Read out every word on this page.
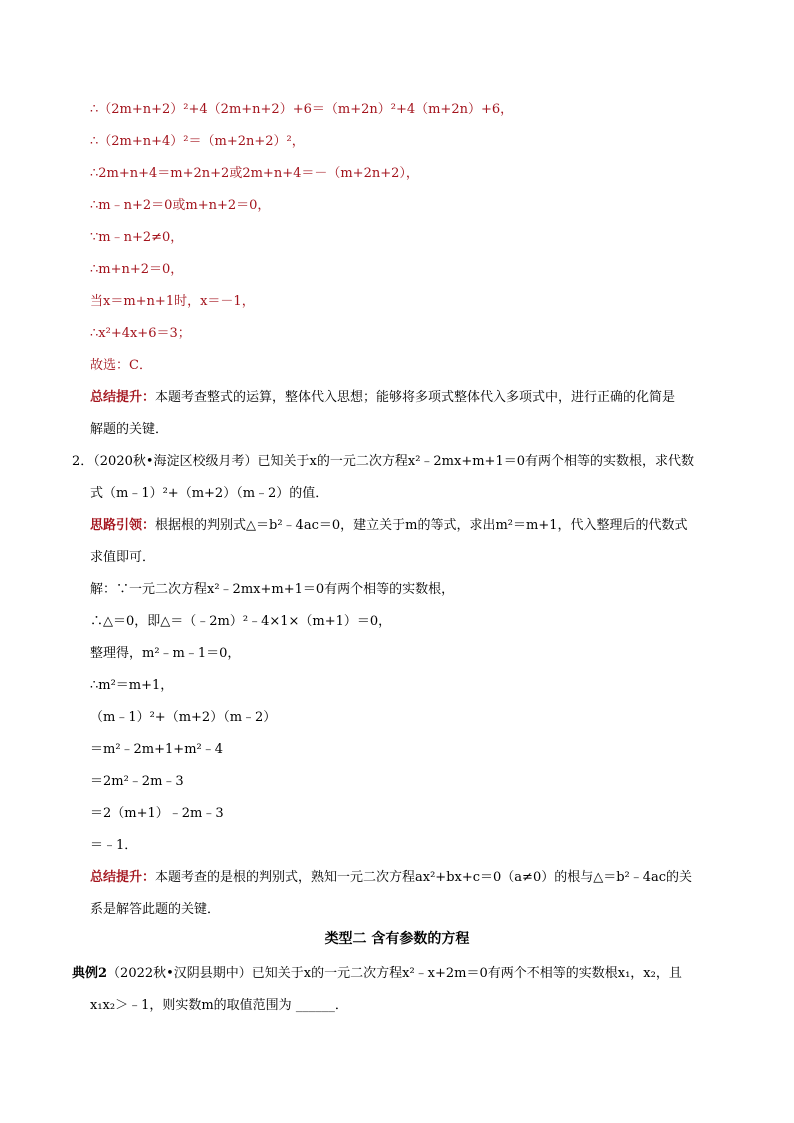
∴（2m+n+2）²+4（2m+n+2）+6＝（m+2n）²+4（m+2n）+6，
∴（2m+n+4）²＝（m+2n+2）²，
∴2m+n+4＝m+2n+2或2m+n+4＝－（m+2n+2），
∴m﹣n+2＝0或m+n+2＝0，
∵m﹣n+2≠0，
∴m+n+2＝0，
当x＝m+n+1时，x＝－1，
∴x²+4x+6＝3；
故选：C．
总结提升：本题考查整式的运算，整体代入思想；能够将多项式整体代入多项式中，进行正确的化简是
解题的关键．
2．（2020秋•海淀区校级月考）已知关于x的一元二次方程x²﹣2mx+m+1＝0有两个相等的实数根，求代数
式（m﹣1）²+（m+2）（m﹣2）的值．
思路引领：根据根的判别式△＝b²﹣4ac＝0，建立关于m的等式，求出m²＝m+1，代入整理后的代数式
求值即可．
解：∵一元二次方程x²﹣2mx+m+1＝0有两个相等的实数根，
∴△＝0，即△＝（﹣2m）²﹣4×1×（m+1）＝0，
整理得，m²﹣m﹣1＝0，
∴m²＝m+1，
（m﹣1）²+（m+2）（m﹣2）
＝m²﹣2m+1+m²﹣4
＝2m²﹣2m﹣3
＝2（m+1）﹣2m﹣3
＝﹣1．
总结提升：本题考查的是根的判别式，熟知一元二次方程ax²+bx+c＝0（a≠0）的根与△＝b²﹣4ac的关
系是解答此题的关键．
类型二 含有参数的方程
典例2（2022秋•汉阴县期中）已知关于x的一元二次方程x²﹣x+2m＝0有两个不相等的实数根x₁，x₂，且
x₁x₂＞﹣1，则实数m的取值范围为 ______．
